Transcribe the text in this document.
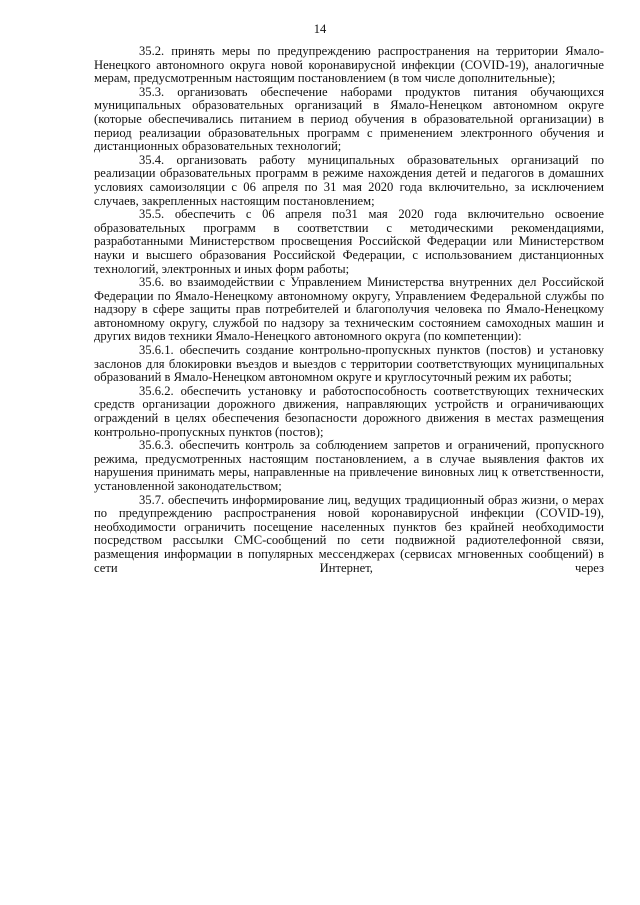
14

35.2. принять меры по предупреждению распространения на территории Ямало-Ненецкого автономного округа новой коронавирусной инфекции (COVID-19), аналогичные мерам, предусмотренным настоящим постановлением (в том числе дополнительные);

35.3. организовать обеспечение наборами продуктов питания обучающихся муниципальных образовательных организаций в Ямало-Ненецком автономном округе (которые обеспечивались питанием в период обучения в образовательной организации) в период реализации образовательных программ с применением электронного обучения и дистанционных образовательных технологий;

35.4. организовать работу муниципальных образовательных организаций по реализации образовательных программ в режиме нахождения детей и педагогов в домашних условиях самоизоляции с 06 апреля по 31 мая 2020 года включительно, за исключением случаев, закрепленных настоящим постановлением;

35.5. обеспечить с 06 апреля по31 мая 2020 года включительно освоение образовательных программ в соответствии с методическими рекомендациями, разработанными Министерством просвещения Российской Федерации или Министерством науки и высшего образования Российской Федерации, с использованием дистанционных технологий, электронных и иных форм работы;

35.6. во взаимодействии с Управлением Министерства внутренних дел Российской Федерации по Ямало-Ненецкому автономному округу, Управлением Федеральной службы по надзору в сфере защиты прав потребителей и благополучия человека по Ямало-Ненецкому автономному округу, службой по надзору за техническим состоянием самоходных машин и других видов техники Ямало-Ненецкого автономного округа (по компетенции):

35.6.1. обеспечить создание контрольно-пропускных пунктов (постов) и установку заслонов для блокировки въездов и выездов с территории соответствующих муниципальных образований в Ямало-Ненецком автономном округе и круглосуточный режим их работы;

35.6.2. обеспечить установку и работоспособность соответствующих технических средств организации дорожного движения, направляющих устройств и ограничивающих ограждений в целях обеспечения безопасности дорожного движения в местах размещения контрольно-пропускных пунктов (постов);

35.6.3. обеспечить контроль за соблюдением запретов и ограничений, пропускного режима, предусмотренных настоящим постановлением, а в случае выявления фактов их нарушения принимать меры, направленные на привлечение виновных лиц к ответственности, установленной законодательством;

35.7. обеспечить информирование лиц, ведущих традиционный образ жизни, о мерах по предупреждению распространения новой коронавирусной инфекции (COVID-19), необходимости ограничить посещение населенных пунктов без крайней необходимости посредством рассылки СМС-сообщений по сети подвижной радиотелефонной связи, размещения информации в популярных мессенджерах (сервисах мгновенных сообщений) в сети Интернет, через
